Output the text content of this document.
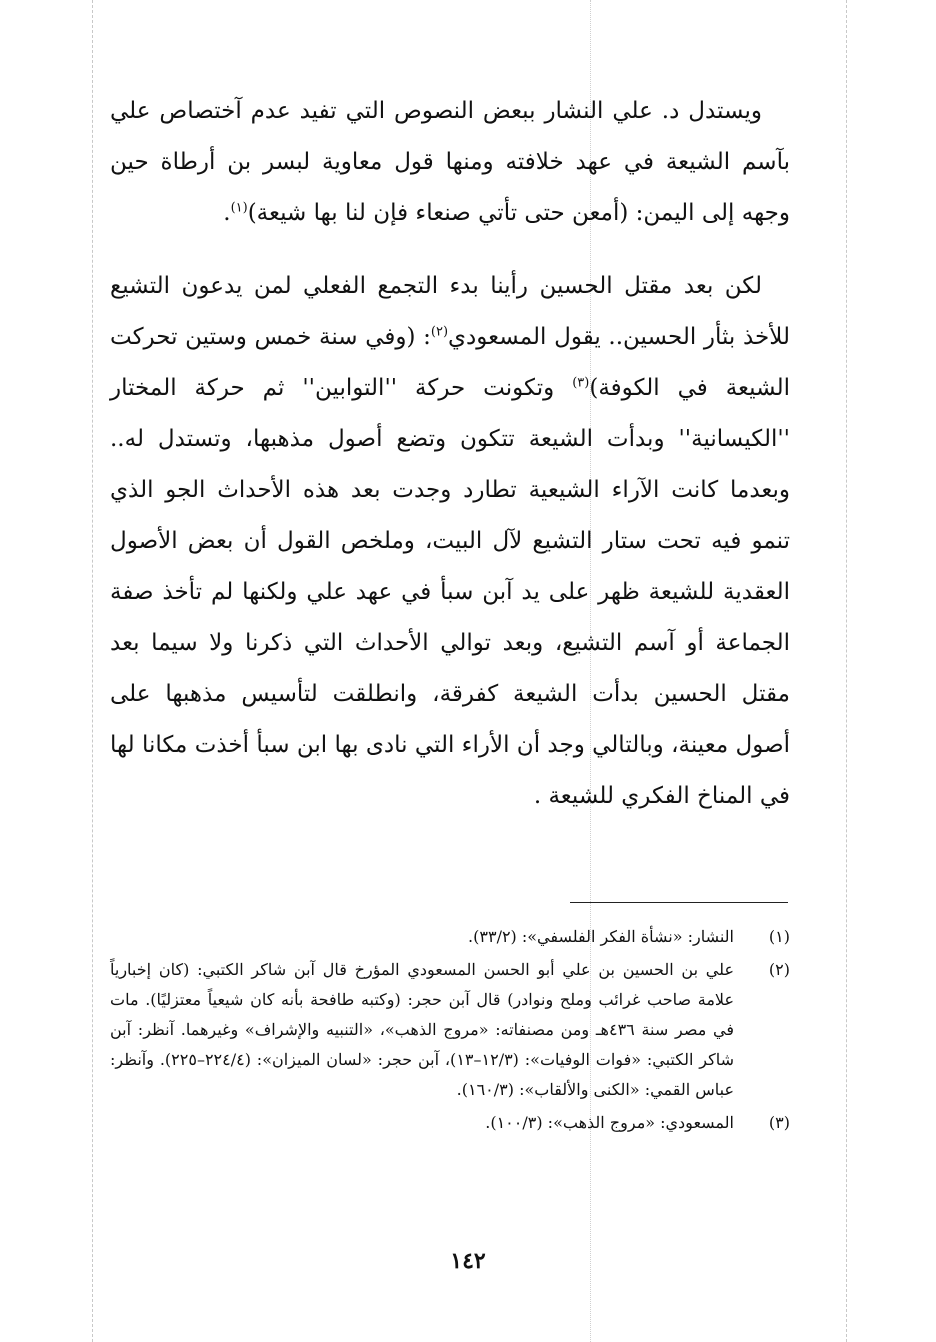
ويستدل د. علي النشار ببعض النصوص التي تفيد عدم آختصاص علي بآسم الشيعة في عهد خلافته ومنها قول معاوية لبسر بن أرطاة حين وجهه إلى اليمن: (أمعن حتى تأتي صنعاء فإن لنا بها شيعة)$^{(١)}$.

لكن بعد مقتل الحسين رأينا بدء التجمع الفعلي لمن يدعون التشيع للأخذ بثأر الحسين.. يقول المسعودي$^{(٢)}$: (وفي سنة خمس وستين تحركت الشيعة في الكوفة)$^{(٣)}$ وتكونت حركة ''التوابين'' ثم حركة المختار ''الكيسانية'' وبدأت الشيعة تتكون وتضع أصول مذهبها، وتستدل له.. وبعدما كانت الآراء الشيعية تطارد وجدت بعد هذه الأحداث الجو الذي تنمو فيه تحت ستار التشيع لآل البيت، وملخص القول أن بعض الأصول العقدية للشيعة ظهر على يد آبن سبأ في عهد علي ولكنها لم تأخذ صفة الجماعة أو آسم التشيع، وبعد توالي الأحداث التي ذكرنا ولا سيما بعد مقتل الحسين بدأت الشيعة كفرقة، وانطلقت لتأسيس مذهبها على أصول معينة، وبالتالي وجد أن الأراء التي نادى بها ابن سبأ أخذت مكانا لها في المناخ الفكري للشيعة .

(١)
النشار: «نشأة الفكر الفلسفي»: (٣٣/٢).
(٢)
علي بن الحسين بن علي أبو الحسن المسعودي المؤرخ قال آبن شاكر الكتبي: (كان إخبارياً علامة صاحب غرائب وملح ونوادر) قال آبن حجر: (وكتبه طافحة بأنه كان شيعياً معتزليًا). مات في مصر سنة ٤٣٦هـ ومن مصنفاته: «مروج الذهب»، «التنبيه والإشراف» وغيرهما. آنظر: آبن شاكر الكتبي: «فوات الوفيات»: (١٢/٣–١٣)، آبن حجر: «لسان الميزان»: (٢٢٤/٤–٢٢٥). وآنظر: عباس القمي: «الكنى والألقاب»: (١٦٠/٣).
(٣)
المسعودي: «مروج الذهب»: (١٠٠/٣).
١٤٢
